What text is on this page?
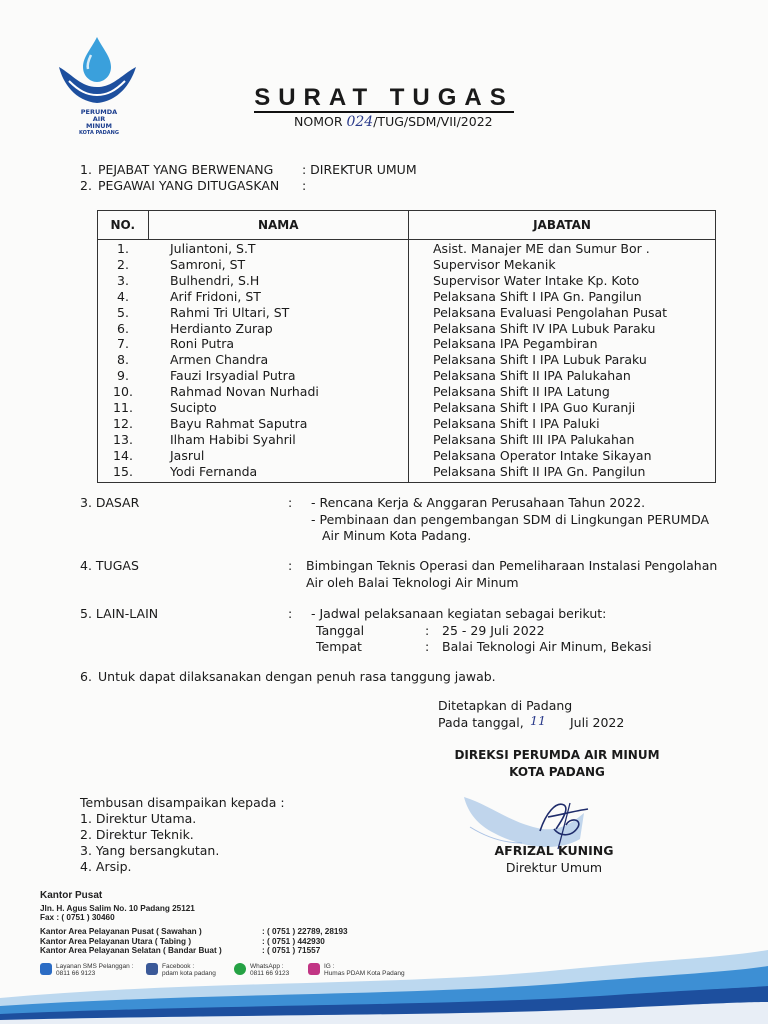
PERUMDA
AIR MINUM
KOTA PADANG
SURAT TUGAS
NOMOR 024/TUG/SDM/VII/2022
1. PEJABAT YANG BERWENANG : DIREKTUR UMUM
2. PEGAWAI YANG DITUGASKAN :
NO.	NAMA	JABATAN
1.	Juliantoni, S.T	Asist. Manajer ME dan Sumur Bor .
2.	Samroni, ST	Supervisor Mekanik
3.	Bulhendri, S.H	Supervisor Water Intake Kp. Koto
4.	Arif Fridoni, ST	Pelaksana Shift I IPA Gn. Pangilun
5.	Rahmi Tri Ultari, ST	Pelaksana Evaluasi Pengolahan Pusat
6.	Herdianto Zurap	Pelaksana Shift IV IPA Lubuk Paraku
7.	Roni Putra	Pelaksana IPA Pegambiran
8.	Armen Chandra	Pelaksana Shift I IPA Lubuk Paraku
9.	Fauzi Irsyadial Putra	Pelaksana Shift II IPA Palukahan
10.	Rahmad Novan Nurhadi	Pelaksana Shift II IPA Latung
11.	Sucipto	Pelaksana Shift I IPA Guo Kuranji
12.	Bayu Rahmat Saputra	Pelaksana Shift I IPA Paluki
13.	Ilham Habibi Syahril	Pelaksana Shift III IPA Palukahan
14.	Jasrul	Pelaksana Operator Intake Sikayan
15.	Yodi Fernanda	Pelaksana Shift II IPA Gn. Pangilun
3. DASAR	: - Rencana Kerja & Anggaran Perusahaan Tahun 2022.
- Pembinaan dan pengembangan SDM di Lingkungan PERUMDA
Air Minum Kota Padang.
4. TUGAS	: Bimbingan Teknis Operasi dan Pemeliharaan Instalasi Pengolahan
Air oleh Balai Teknologi Air Minum
5. LAIN-LAIN	: - Jadwal pelaksanaan kegiatan sebagai berikut:
Tanggal	: 25 - 29 Juli 2022
Tempat	: Balai Teknologi Air Minum, Bekasi
6. Untuk dapat dilaksanakan dengan penuh rasa tanggung jawab.
Ditetapkan di Padang
Pada tanggal, 11 Juli 2022
DIREKSI PERUMDA AIR MINUM
KOTA PADANG
AFRIZAL KUNING
Direktur Umum
Tembusan disampaikan kepada :
1. Direktur Utama.
2. Direktur Teknik.
3. Yang bersangkutan.
4. Arsip.
Kantor Pusat
Jln. H. Agus Salim No. 10 Padang 25121
Fax : ( 0751 ) 30460
Kantor Area Pelayanan Pusat ( Sawahan )	: ( 0751 ) 22789, 28193
Kantor Area Pelayanan Utara ( Tabing )	: ( 0751 ) 442930
Kantor Area Pelayanan Selatan ( Bandar Buat )	: ( 0751 ) 71557
Layanan SMS Pelanggan :
0811 66 9123
Facebook :
pdam kota padang
WhatsApp :
0811 66 9123
IG :
Humas PDAM Kota Padang
